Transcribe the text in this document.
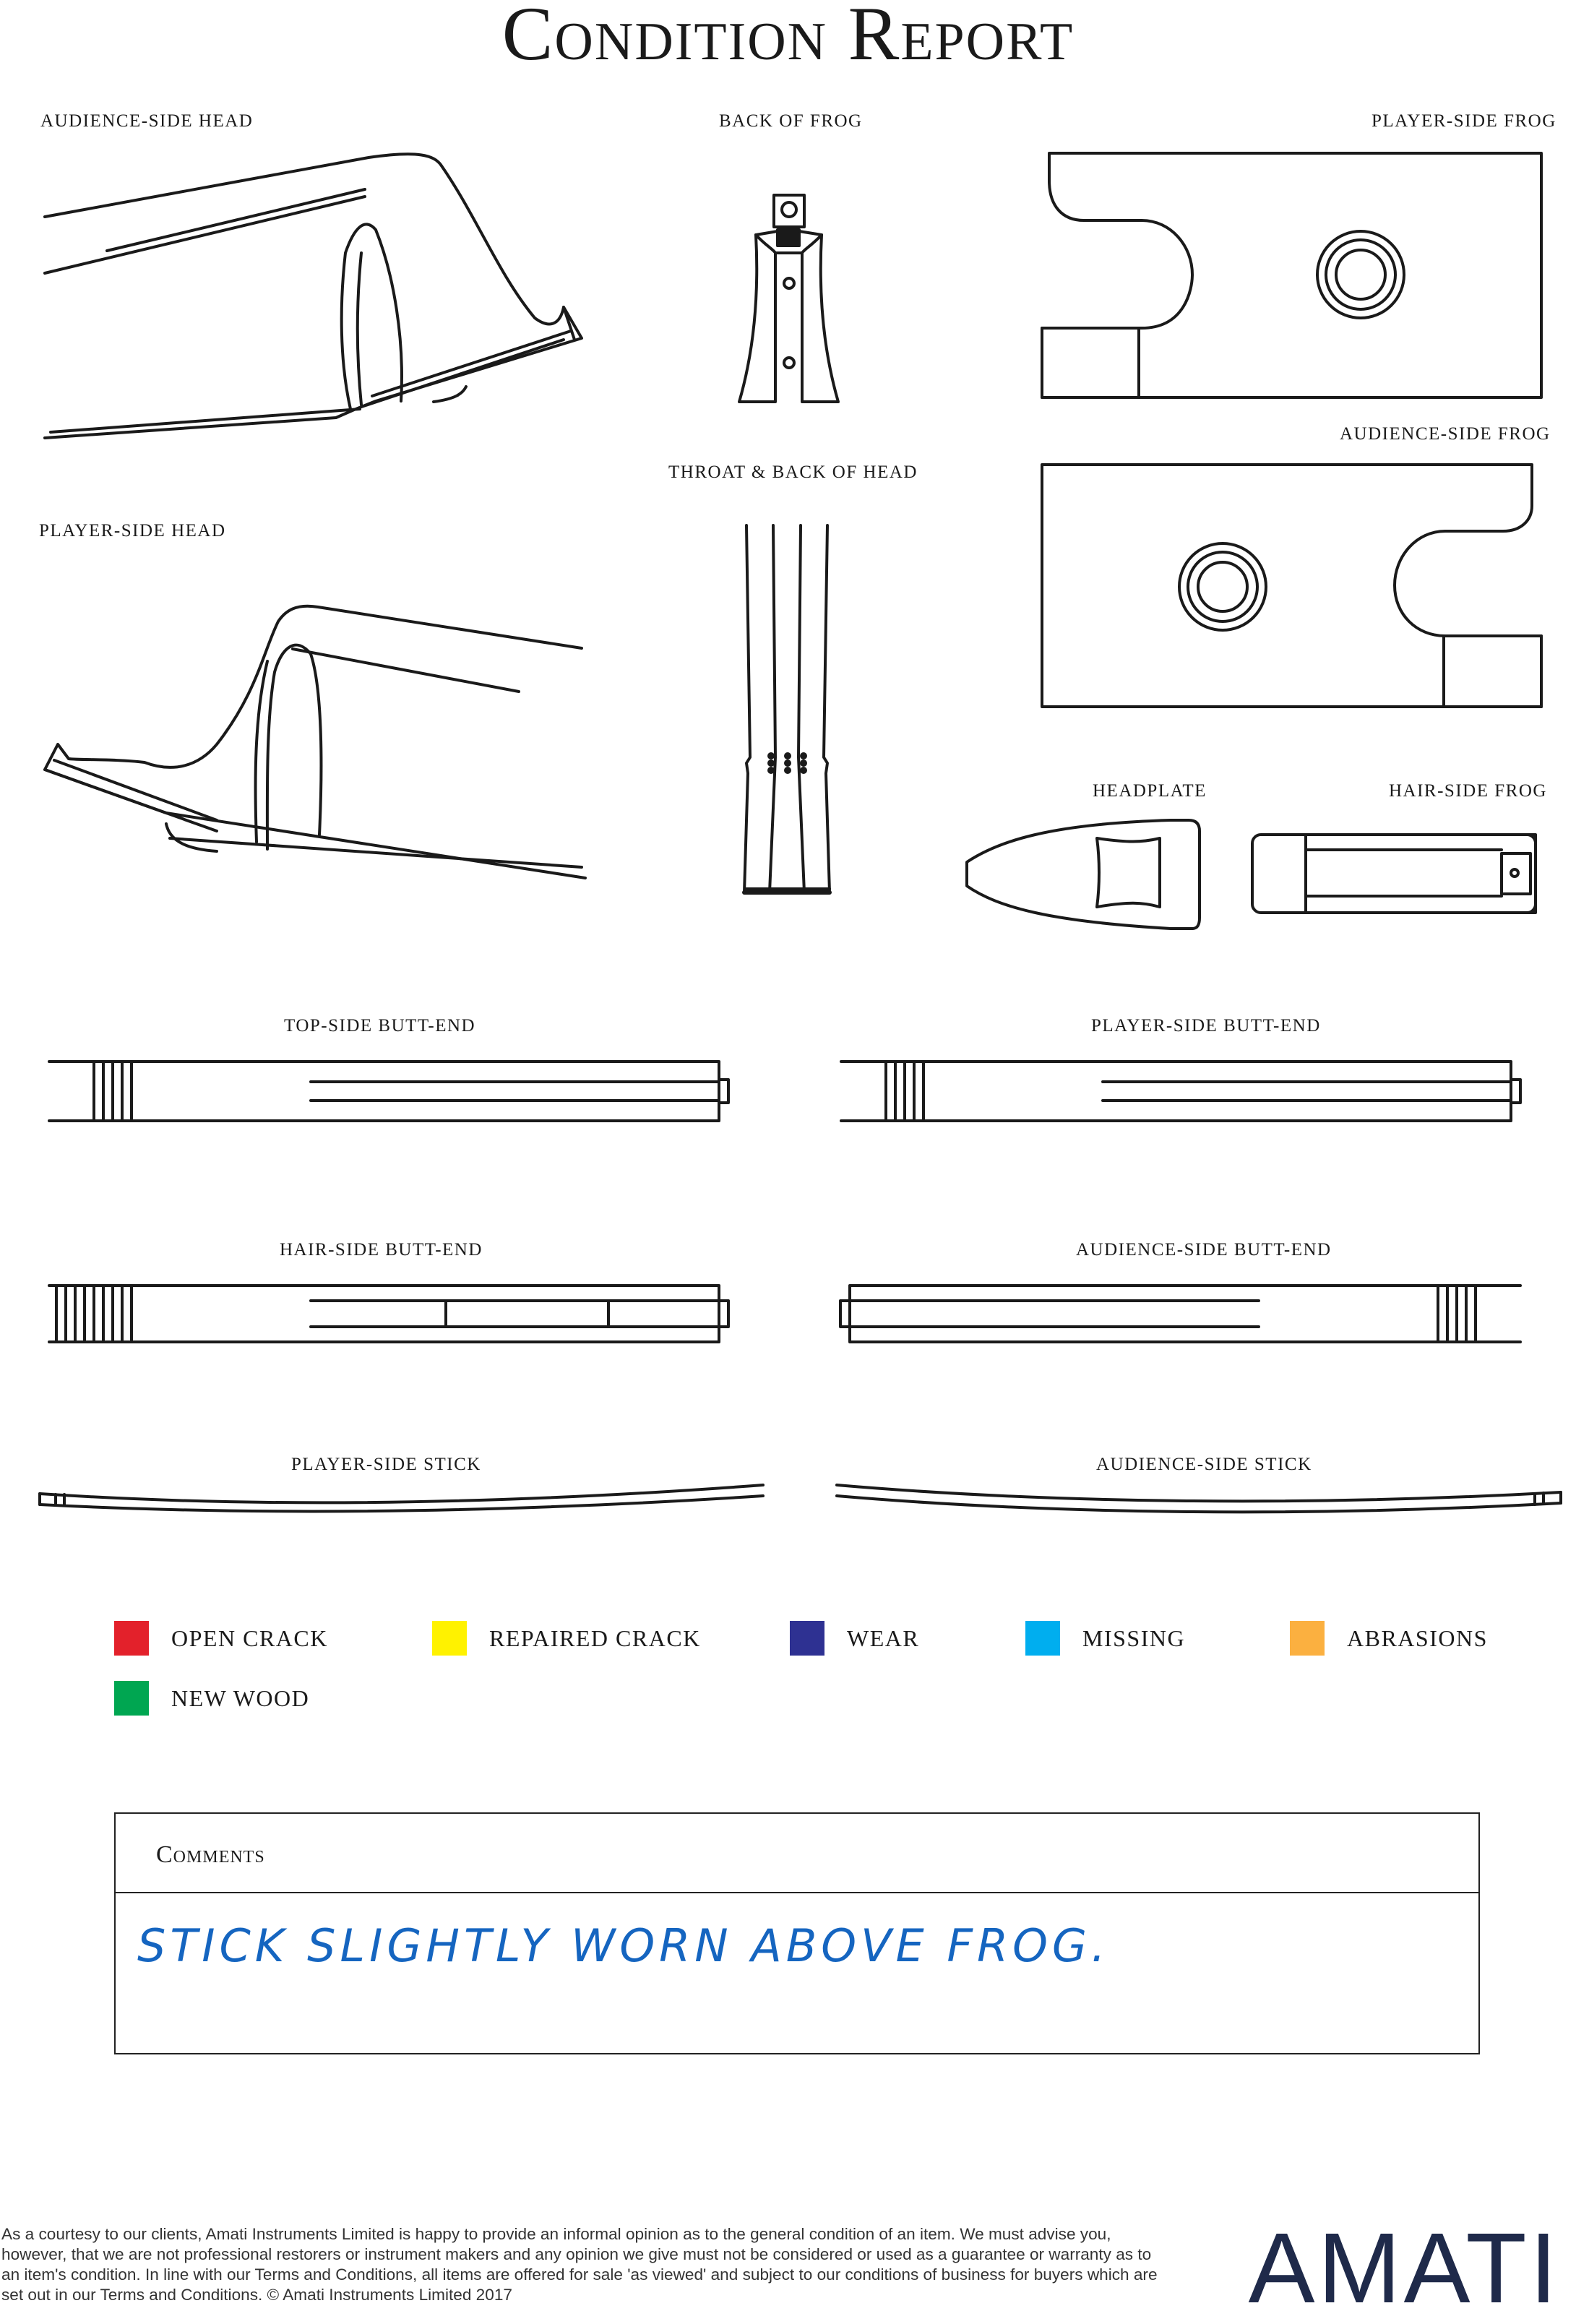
Condition Report
AUDIENCE-SIDE HEAD	BACK OF FROG	PLAYER-SIDE FROG
AUDIENCE-SIDE FROG
THROAT & BACK OF HEAD
PLAYER-SIDE HEAD
HEADPLATE	HAIR-SIDE FROG
TOP-SIDE BUTT-END	PLAYER-SIDE BUTT-END
HAIR-SIDE BUTT-END	AUDIENCE-SIDE BUTT-END
PLAYER-SIDE STICK	AUDIENCE-SIDE STICK
OPEN CRACK	REPAIRED CRACK	WEAR	MISSING	ABRASIONS
NEW WOOD
Comments
STICK SLIGHTLY WORN ABOVE FROG.
As a courtesy to our clients, Amati Instruments Limited is happy to provide an informal opinion as to the general condition of an item. We must advise you, however, that we are not professional restorers or instrument makers and any opinion we give must not be considered or used as a guarantee or warranty as to an item's condition. In line with our Terms and Conditions, all items are offered for sale 'as viewed' and subject to our conditions of business for buyers which are set out in our Terms and Conditions. © Amati Instruments Limited 2017	AMATI
